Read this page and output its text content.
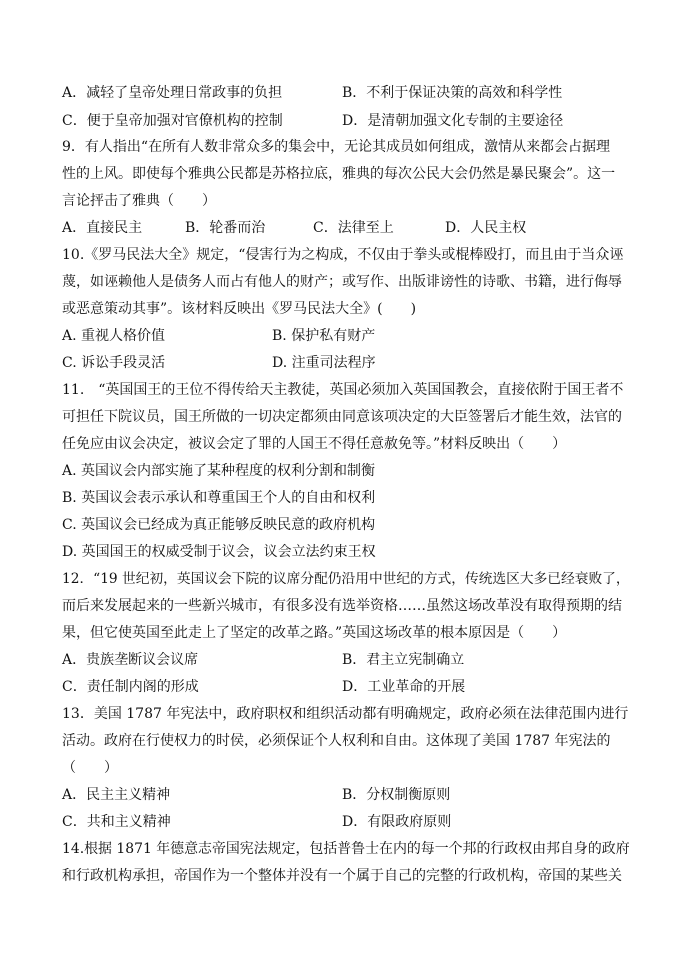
A．减轻了皇帝处理日常政事的负担	B．不利于保证决策的高效和科学性
C．便于皇帝加强对官僚机构的控制	D．是清朝加强文化专制的主要途径
9．有人指出“在所有人数非常众多的集会中，无论其成员如何组成，激情从来都会占据理
性的上风。即使每个雅典公民都是苏格拉底，雅典的每次公民大会仍然是暴民聚会”。这一
言论抨击了雅典（　　）
A．直接民主	B．轮番而治	C．法律至上	D．人民主权
10.《罗马民法大全》规定，“侵害行为之构成，不仅由于拳头或棍棒殴打，而且由于当众诬
蔑，如诬赖他人是债务人而占有他人的财产；或写作、出版诽谤性的诗歌、书籍，进行侮辱
或恶意策动其事”。该材料反映出《罗马民法大全》(　　)
A. 重视人格价值	B. 保护私有财产
C. 诉讼手段灵活	D. 注重司法程序
11.　“英国国王的王位不得传给天主教徒，英国必须加入英国国教会，直接依附于国王者不
可担任下院议员，国王所做的一切决定都须由同意该项决定的大臣签署后才能生效，法官的
任免应由议会决定，被议会定了罪的人国王不得任意赦免等。”材料反映出（　　）
A. 英国议会内部实施了某种程度的权利分割和制衡
B. 英国议会表示承认和尊重国王个人的自由和权利
C. 英国议会已经成为真正能够反映民意的政府机构
D. 英国国王的权威受制于议会，议会立法约束王权
12．“19 世纪初，英国议会下院的议席分配仍沿用中世纪的方式，传统选区大多已经衰败了，
而后来发展起来的一些新兴城市，有很多没有选举资格……虽然这场改革没有取得预期的结
果，但它使英国至此走上了坚定的改革之路。”英国这场改革的根本原因是（　　）
A．贵族垄断议会议席	B．君主立宪制确立
C．责任制内阁的形成	D．工业革命的开展
13．美国 1787 年宪法中，政府职权和组织活动都有明确规定，政府必须在法律范围内进行
活动。政府在行使权力的时侯，必须保证个人权利和自由。这体现了美国 1787 年宪法的
（　　）
A．民主主义精神	B．分权制衡原则
C．共和主义精神	D．有限政府原则
14.根据 1871 年德意志帝国宪法规定，包括普鲁士在内的每一个邦的行政权由邦自身的政府
和行政机构承担，帝国作为一个整体并没有一个属于自己的完整的行政机构，帝国的某些关
